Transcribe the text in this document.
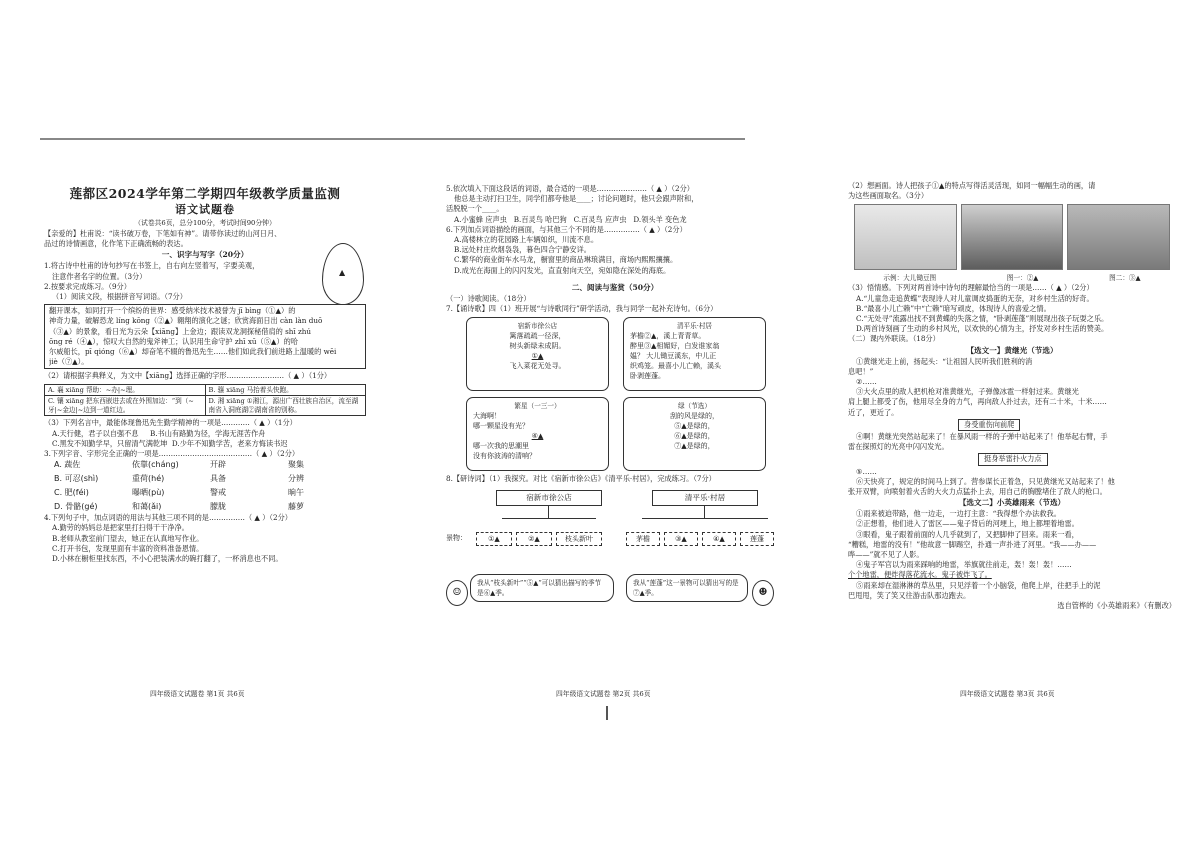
莲都区2024学年第二学期四年级教学质量监测
语文试题卷
（试卷共6页，总分100分，考试时间90分钟）
【亲爱的】杜甫说：“读书破万卷，下笔如有神”。请带你读过的山河日月、
品过的诗情画意，化作笔下正确流畅的表达。
一、识字与写字（20分）
1.将古诗中杜甫的诗句抄写在书签上，自右向左竖着写，字要美观，
注意作者名字的位置。（3分）
2.按要求完成练习。（9分）
（1）阅读文段，根据拼音写词语。（7分）
翻开课本，如同打开一个缤纷的世界：感受纳米技术被誉为 jī bìng（①▲）的
神奇力量，破解恐龙 líng kōng（②▲）翱翔的演化之谜；欣赏海面日出 càn làn duō
（③▲）的景象，看日光为云朵【xiāng】上金边；跟读双龙洞探秘借肩的 shī zhú
ōng ré（④▲），惊叹大自然的鬼斧神工；认识用生命守护 zhī xū（⑤▲）的哈
尔威船长，pī qióng（⑥▲）却奋笔不辍的鲁迅先生……他们如此我们前进路上温暖的 wēi
jiè（⑦▲）。
（2）请根据字典释义，为文中【xiāng】选择正确的字形……………………（ ▲ ）（1分）
A. 襄 xiāng 帮助：~办|~理。	B. 骧 xiāng 马抬着头快跑。
C. 镶 xiāng 把东西嵌进去或在外围加边：“到（~牙|~金边|~边到一道红边。	D. 湘 xiāng ①湘江，源出广西壮族自治区，流至湖南省入洞庭湖②湖南省的别称。
（3）下列名言中，最能体现鲁迅先生勤学精神的一项是…………（ ▲ ）（1分）
A.天行健，君子以自强不息 B.书山有路勤为径，学海无涯苦作舟
C.黑发不知勤学早，只留清气满乾坤 D.少年不知勤学苦，老来方悔读书迟
3.下列字音、字形完全正确的一项是…………………………………（ ▲ ）（2分）
A. 蔬佐	依靠(cháng)	开辟	聚集
B. 可忍(shì)	重荷(hé)	具备	分辨
C. 肥(féi)	曝晒(pù)	警戒	晌午
D. 骨骼(gé)	和蔼(ǎi)	朦胧	藤萝
4.下列句子中，加点词语的用法与其他三项不同的是……………（ ▲ ）（2分）
A.勤劳的妈妈总是把家里打扫得干干净净。
B.老师从教室前门望去，她正在认真地写作业。
C.打开书包，发现里面有丰富的资料准备恩情。
D.小林在橱柜里找东西，不小心把装满水的碗打翻了，一杯消息也不同。
▲
四年级语文试题卷 第1页 共6页
5.依次填入下面这段话的词语，最合适的一项是…………………（ ▲ ）（2分）
他总是主动打扫卫生，同学们都夸他是____；讨论问题时，他只会跟声附和，
活脱脱一个____。
A.小蜜蜂 应声虫 B.百灵鸟 哈巴狗 C.百灵鸟 应声虫 D.领头羊 变色龙
6.下列加点词语描绘的画面，与其他三个不同的是……………（ ▲ ）（2分）
A.高楼林立的花园路上车辆如织，川流不息。
B.远处村庄炊烟袅袅，暮色四合宁静安详。
C.繁华的商业街车水马龙，橱窗里的商品琳琅满目，商场内熙熙攘攘。
D.成光在海面上的闪闪发光，直直射向天空，宛如隐在深处的海底。
二、阅读与鉴赏（50分）
（一）诗歌阅读。（18分）
7.【诵诗歌】四（1）班开展“与诗歌同行”研学活动，我与同学一起补充诗句。（6分）
宿新市徐公店
篱落疏疏一径深，
树头新绿未成阴。
①▲
飞入菜花无处寻。
清平乐·村居
茅檐②▲，溪上青青草。
醉里③▲相媚好，白发谁家翁
媪？ 大儿锄豆溪东，中儿正
织鸡笼。最喜小儿亡赖，溪头
卧剥莲蓬。
繁星（一三一）
大海啊！
哪一颗星没有光？
④▲
哪一次我的思潮里
没有你波涛的清响？
绿（节选）
刮的风是绿的，
⑤▲是绿的，
⑥▲是绿的，
⑦▲是绿的，
8.【研诗词】（1）我探究。对比《宿新市徐公店》《清平乐·村居》，完成练习。（7分）
宿新市徐公店	清平乐·村居
景物：	①▲	②▲	枝头新叶	茅檐	③▲	④▲	莲蓬
☺
我从“枝头新叶”“⑤▲”可以猜出描写的季节是⑥▲季。
我从“莲蓬”这一景物可以猜出写的是⑦▲季。	☻
四年级语文试题卷 第2页 共6页
（2）想画面。诗人把孩子①▲的特点写得活灵活现，如同一幅幅生动的画，请
为这些画面取名。（3分）
示例：大儿锄豆图	图一：②▲	图二：③▲
（3）悟情感。下列对两首诗中诗句的理解最恰当的一项是……（ ▲ ）（2分）
A.“儿童急走追黄蝶”表现诗人对儿童调皮捣蛋的无奈，对乡村生活的好奇。
B.“最喜小儿亡赖”中“亡赖”暗写顽皮，体现诗人的喜爱之情。
C.“无处寻”流露出找不到黄蝶的失落之情，“卧剥莲蓬”则展现出孩子玩耍之乐。
D.两首诗刻画了生动的乡村风光，以欢快的心情为主，抒发对乡村生活的赞美。
（二）课内外联读。（18分）
【选文一】黄继光（节选）
①黄继光走上前，扬起头：“让祖国人民听我们胜利的消
息吧！”
②……
③大火点里的敌人把机枪对准黄继光，子弹像冰雹一样射过来。黄继光
肩上腿上都受了伤，他用尽全身的力气，再向敌人扑过去，还有二十米，十米……
近了，更近了。
身受重伤向前爬
④啊！黄继光突然站起来了！在暴风雨一样的子弹中站起来了！他举起右臂，手
雷在探照灯的光亮中闪闪发光。
挺身举雷扑火力点
⑤……
⑥天快亮了，规定的时间马上到了。营参谋长正着急，只见黄继光又站起来了！他
张开双臂，向喷射着火舌的大火力点猛扑上去，用自己的胸膛堵住了敌人的枪口。
【选文二】小英雄雨来（节选）
①雨来被迫带路，他一边走，一边打主意：“我得想个办法救我。
②正想着，他们进入了雷区——鬼子背后的河埂上，地上都埋着地雷。
③眼看，鬼子跟着前面的人几乎就到了，又把脚伸了回来。雨来一看，
“糟糕，地雷的没有！”他故意一脚踢空，扑通一声扑进了河里。“我——办——
哗——”就不见了人影。
④鬼子军官以为雨来踩响的地雷，举旗就往前走，轰！轰！轰！……
个个地雷，便炸得落花流水。鬼子被炸飞了。
⑤雨来却在湿淋淋的草丛里，只见浮着一个小脑袋，他爬上岸，往把手上的泥
巴甩甩，笑了笑又往游击队那边跑去。
选自管桦的《小英雄雨来》（有删改）
四年级语文试题卷 第3页 共6页
